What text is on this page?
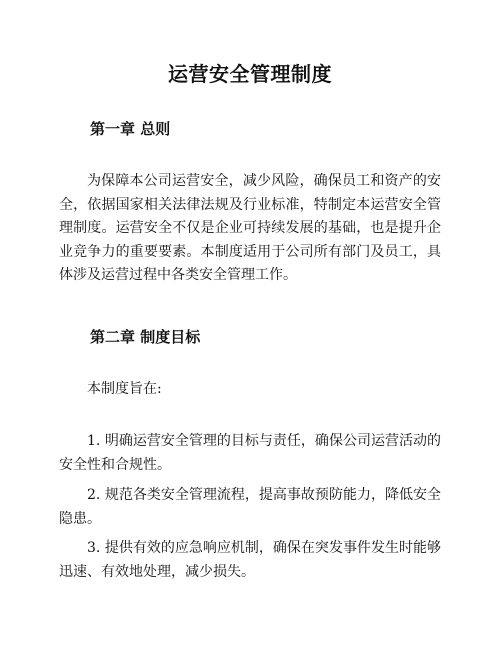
运营安全管理制度
第一章 总则

为保障本公司运营安全，减少风险，确保员工和资产的安全，依据国家相关法律法规及行业标准，特制定本运营安全管理制度。运营安全不仅是企业可持续发展的基础，也是提升企业竞争力的重要要素。本制度适用于公司所有部门及员工，具体涉及运营过程中各类安全管理工作。

第二章 制度目标

本制度旨在:

1. 明确运营安全管理的目标与责任，确保公司运营活动的安全性和合规性。

2. 规范各类安全管理流程，提高事故预防能力，降低安全隐患。

3. 提供有效的应急响应机制，确保在突发事件发生时能够迅速、有效地处理，减少损失。
